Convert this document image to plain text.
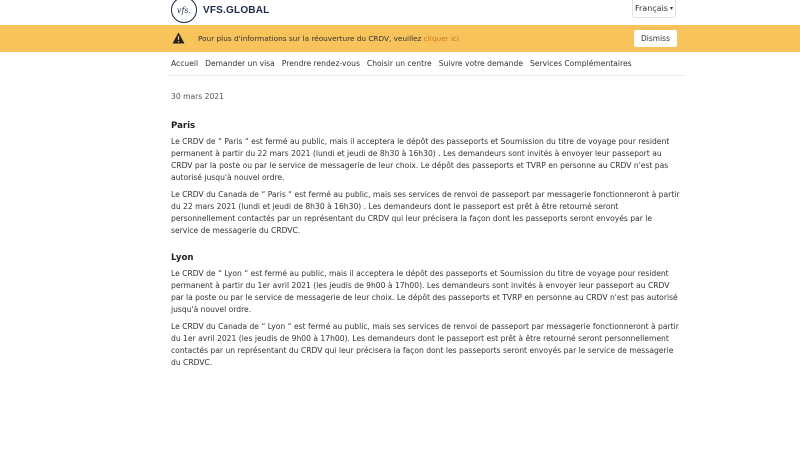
vfs.	VFS.GLOBAL	Français ▾
Pour plus d'informations sur la réouverture du CRDV, veuillez cliquer ici	Dismiss
Accueil Demander un visa Prendre rendez-vous Choisir un centre Suivre votre demande Services Complémentaires
30 mars 2021
Paris

Le CRDV de “ Paris “ est fermé au public, mais il acceptera le dépôt des passeports et Soumission du titre de voyage pour resident permanent à partir du 22 mars 2021 (lundi et jeudi de 8h30 à 16h30) . Les demandeurs sont invités à envoyer leur passeport au CRDV par la poste ou par le service de messagerie de leur choix. Le dépôt des passeports et TVRP en personne au CRDV n'est pas autorisé jusqu'à nouvel ordre.

Le CRDV du Canada de “ Paris “ est fermé au public, mais ses services de renvoi de passeport par messagerie fonctionneront à partir du 22 mars 2021 (lundi et jeudi de 8h30 à 16h30) . Les demandeurs dont le passeport est prêt à être retourné seront personnellement contactés par un représentant du CRDV qui leur précisera la façon dont les passeports seront envoyés par le service de messagerie du CRDVC.

Lyon

Le CRDV de “ Lyon “ est fermé au public, mais il acceptera le dépôt des passeports et Soumission du titre de voyage pour resident permanent à partir du 1er avril 2021 (les jeudis de 9h00 à 17h00). Les demandeurs sont invités à envoyer leur passeport au CRDV par la poste ou par le service de messagerie de leur choix. Le dépôt des passeports et TVRP en personne au CRDV n'est pas autorisé jusqu'à nouvel ordre.

Le CRDV du Canada de “ Lyon “ est fermé au public, mais ses services de renvoi de passeport par messagerie fonctionneront à partir du 1er avril 2021 (les jeudis de 9h00 à 17h00). Les demandeurs dont le passeport est prêt à être retourné seront personnellement contactés par un représentant du CRDV qui leur précisera la façon dont les passeports seront envoyés par le service de messagerie du CRDVC.
